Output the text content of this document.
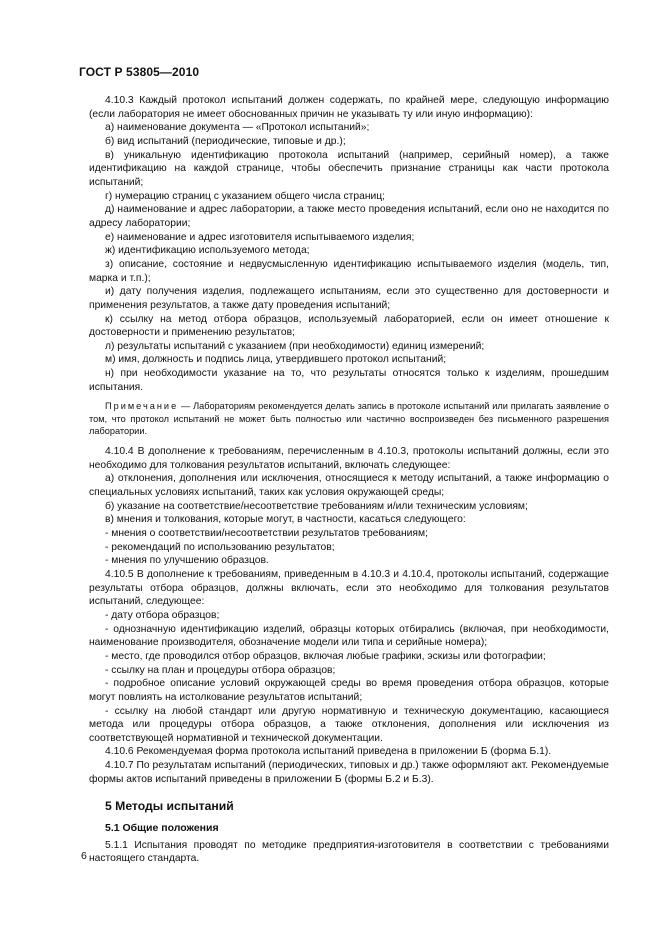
ГОСТ Р 53805—2010

4.10.3 Каждый протокол испытаний должен содержать, по крайней мере, следующую информацию (если лаборатория не имеет обоснованных причин не указывать ту или иную информацию):

а) наименование документа — «Протокол испытаний»;

б) вид испытаний (периодические, типовые и др.);

в) уникальную идентификацию протокола испытаний (например, серийный номер), а также идентификацию на каждой странице, чтобы обеспечить признание страницы как части протокола испытаний;

г) нумерацию страниц с указанием общего числа страниц;

д) наименование и адрес лаборатории, а также место проведения испытаний, если оно не находится по адресу лаборатории;

е) наименование и адрес изготовителя испытываемого изделия;

ж) идентификацию используемого метода;

з) описание, состояние и недвусмысленную идентификацию испытываемого изделия (модель, тип, марка и т.п.);

и) дату получения изделия, подлежащего испытаниям, если это существенно для достоверности и применения результатов, а также дату проведения испытаний;

к) ссылку на метод отбора образцов, используемый лабораторией, если он имеет отношение к достоверности и применению результатов;

л) результаты испытаний с указанием (при необходимости) единиц измерений;

м) имя, должность и подпись лица, утвердившего протокол испытаний;

н) при необходимости указание на то, что результаты относятся только к изделиям, прошедшим испытания.

Примечание — Лабораториям рекомендуется делать запись в протоколе испытаний или прилагать заявление о том, что протокол испытаний не может быть полностью или частично воспроизведен без письменного разрешения лаборатории.

4.10.4 В дополнение к требованиям, перечисленным в 4.10.3, протоколы испытаний должны, если это необходимо для толкования результатов испытаний, включать следующее:

а) отклонения, дополнения или исключения, относящиеся к методу испытаний, а также информацию о специальных условиях испытаний, таких как условия окружающей среды;

б) указание на соответствие/несоответствие требованиям и/или техническим условиям;

в) мнения и толкования, которые могут, в частности, касаться следующего:

- мнения о соответствии/несоответствии результатов требованиям;

- рекомендаций по использованию результатов;

- мнения по улучшению образцов.

4.10.5 В дополнение к требованиям, приведенным в 4.10.3 и 4.10.4, протоколы испытаний, содержащие результаты отбора образцов, должны включать, если это необходимо для толкования результатов испытаний, следующее:

- дату отбора образцов;

- однозначную идентификацию изделий, образцы которых отбирались (включая, при необходимости, наименование производителя, обозначение модели или типа и серийные номера);

- место, где проводился отбор образцов, включая любые графики, эскизы или фотографии;

- ссылку на план и процедуры отбора образцов;

- подробное описание условий окружающей среды во время проведения отбора образцов, которые могут повлиять на истолкование результатов испытаний;

- ссылку на любой стандарт или другую нормативную и техническую документацию, касающиеся метода или процедуры отбора образцов, а также отклонения, дополнения или исключения из соответствующей нормативной и технической документации.

4.10.6 Рекомендуемая форма протокола испытаний приведена в приложении Б (форма Б.1).

4.10.7 По результатам испытаний (периодических, типовых и др.) также оформляют акт. Рекомендуемые формы актов испытаний приведены в приложении Б (формы Б.2 и Б.3).

5 Методы испытаний
5.1 Общие положения

5.1.1 Испытания проводят по методике предприятия-изготовителя в соответствии с требованиями настоящего стандарта.

6
